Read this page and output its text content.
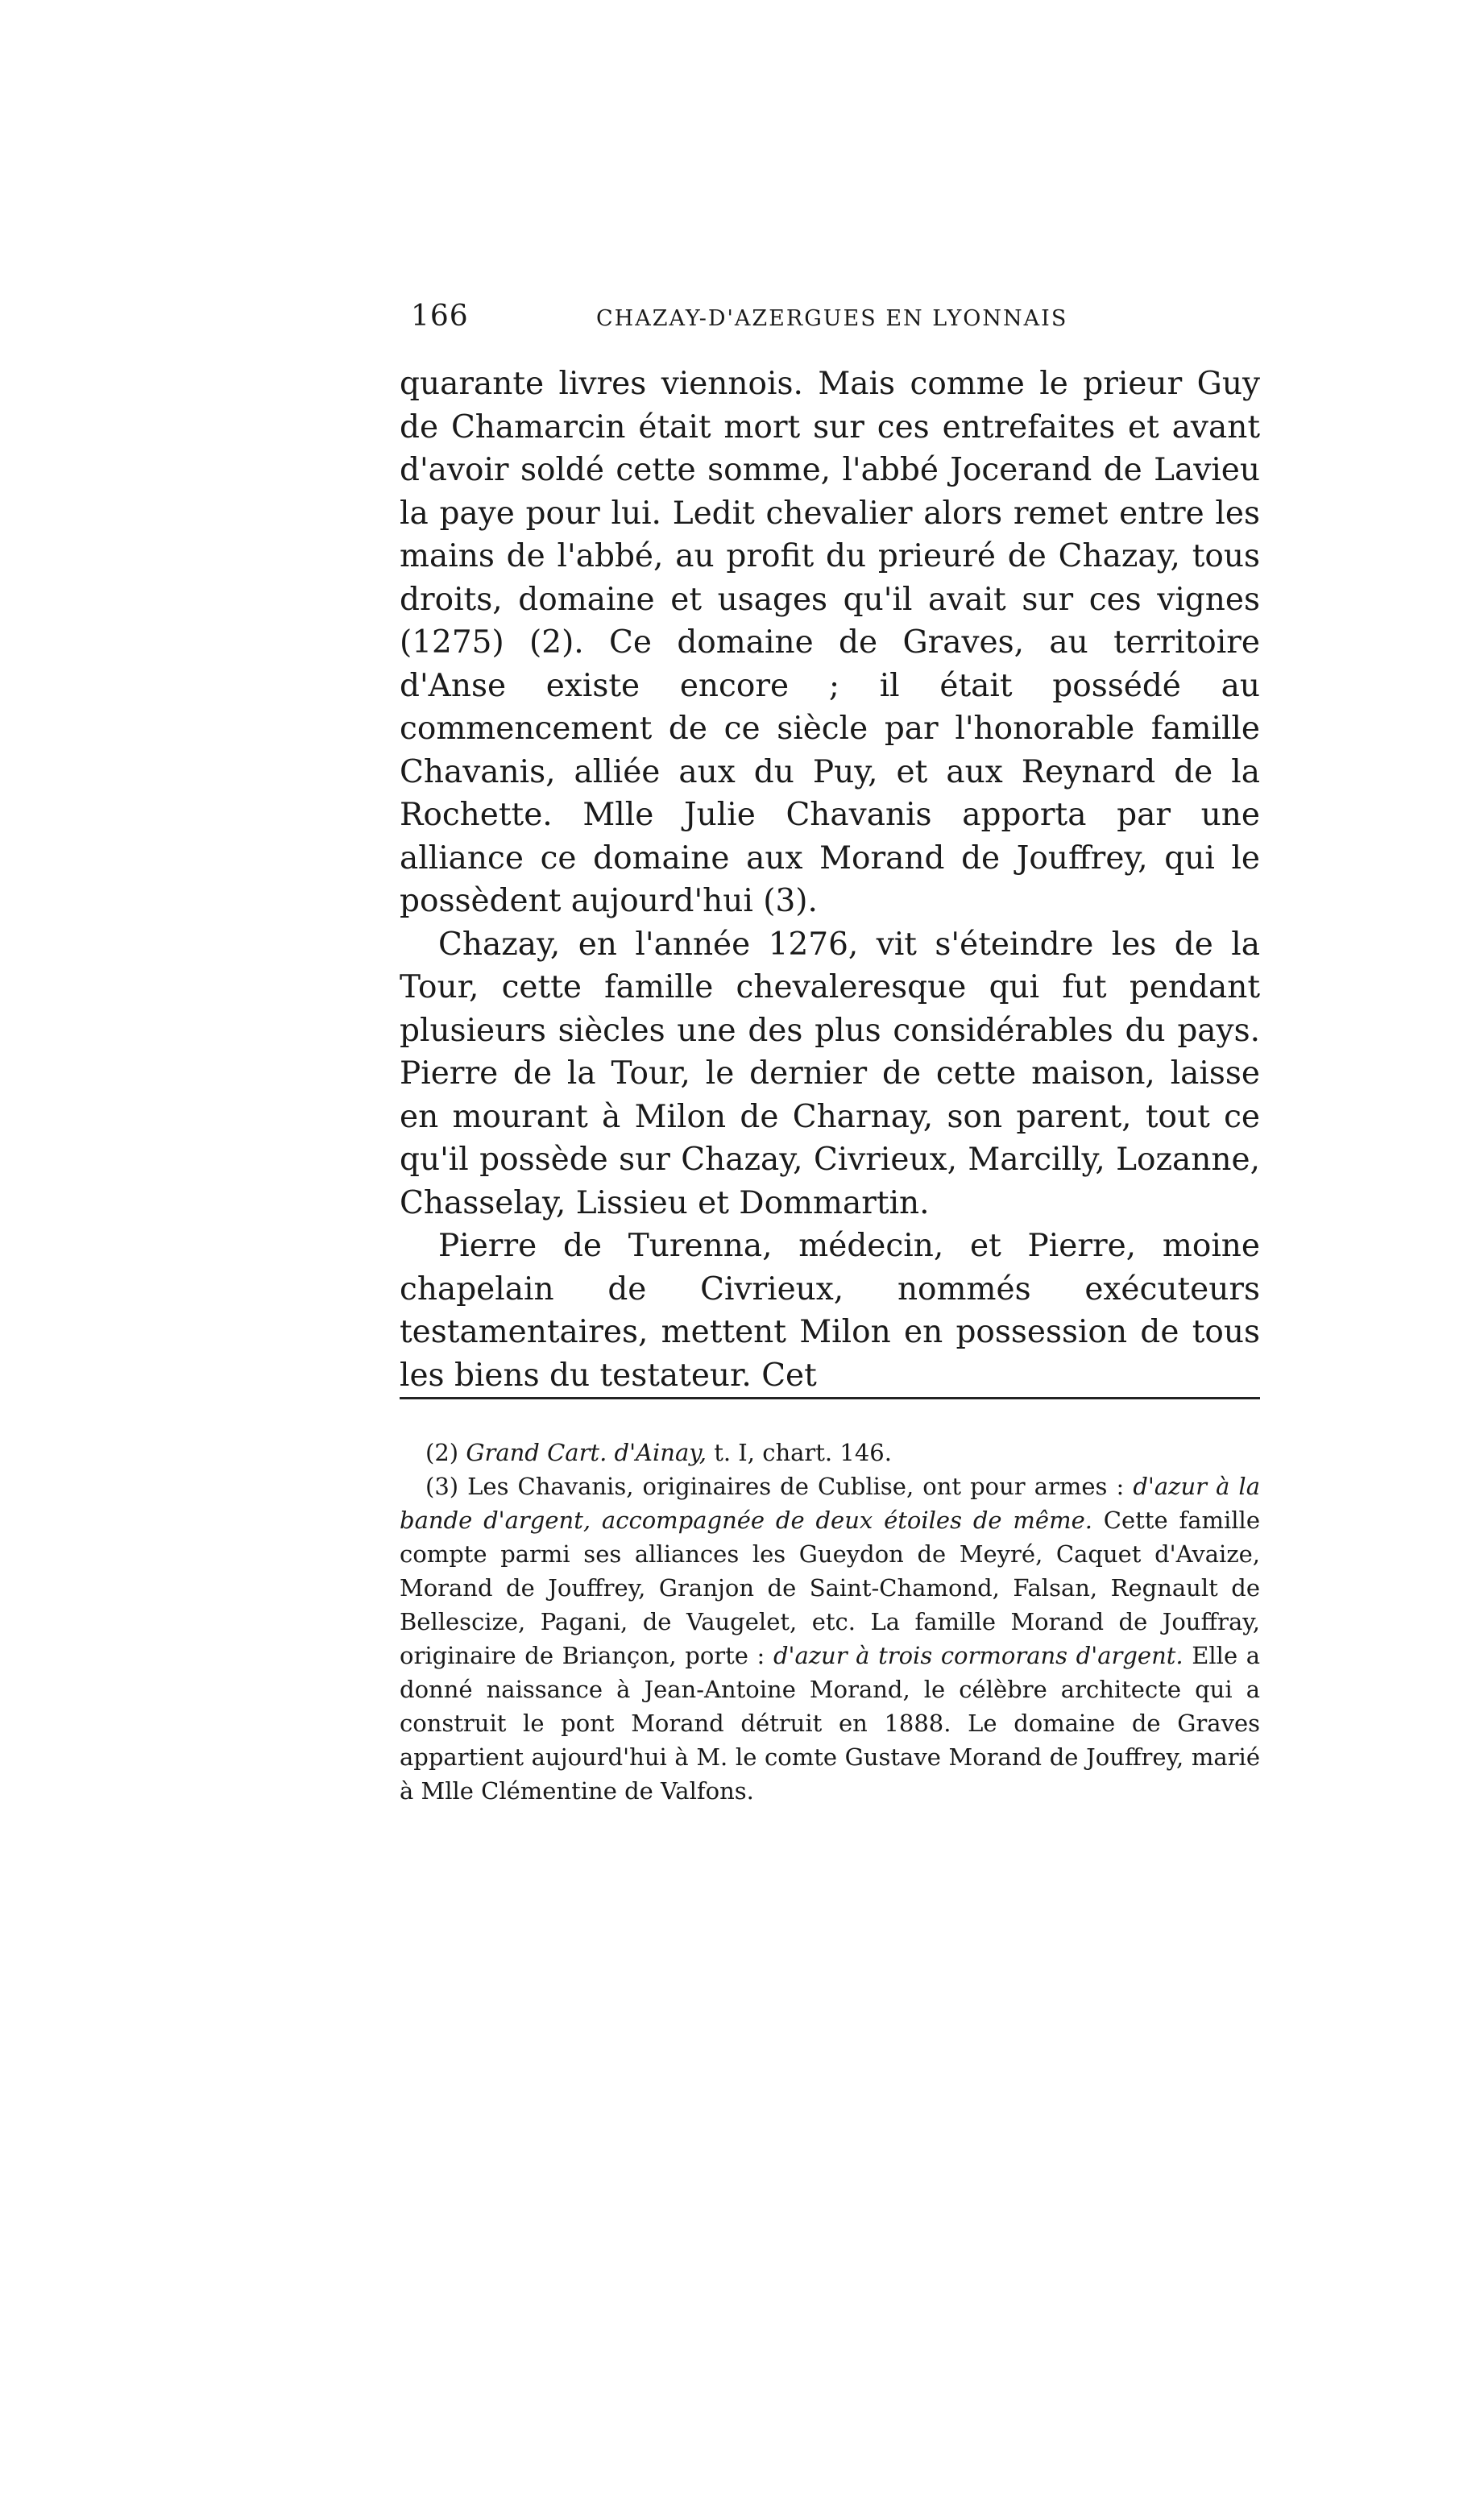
166	CHAZAY-D'AZERGUES EN LYONNAIS

quarante livres viennois. Mais comme le prieur Guy de Chamarcin était mort sur ces entrefaites et avant d'avoir soldé cette somme, l'abbé Jocerand de Lavieu la paye pour lui. Ledit chevalier alors remet entre les mains de l'abbé, au profit du prieuré de Chazay, tous droits, domaine et usages qu'il avait sur ces vignes (1275) (2). Ce domaine de Graves, au territoire d'Anse existe encore ; il était possédé au commencement de ce siècle par l'honorable famille Chavanis, alliée aux du Puy, et aux Reynard de la Rochette. Mlle Julie Chavanis apporta par une alliance ce domaine aux Morand de Jouffrey, qui le possèdent aujourd'hui (3).

Chazay, en l'année 1276, vit s'éteindre les de la Tour, cette famille chevaleresque qui fut pendant plusieurs siècles une des plus considérables du pays. Pierre de la Tour, le dernier de cette maison, laisse en mourant à Milon de Charnay, son parent, tout ce qu'il possède sur Chazay, Civrieux, Marcilly, Lozanne, Chasselay, Lissieu et Dommartin.

Pierre de Turenna, médecin, et Pierre, moine chapelain de Civrieux, nommés exécuteurs testamentaires, mettent Milon en possession de tous les biens du testateur. Cet

(2) Grand Cart. d'Ainay, t. I, chart. 146.

(3) Les Chavanis, originaires de Cublise, ont pour armes : d'azur à la bande d'argent, accompagnée de deux étoiles de même. Cette famille compte parmi ses alliances les Gueydon de Meyré, Caquet d'Avaize, Morand de Jouffrey, Granjon de Saint-Chamond, Falsan, Regnault de Bellescize, Pagani, de Vaugelet, etc. La famille Morand de Jouffray, originaire de Briançon, porte : d'azur à trois cormorans d'argent. Elle a donné naissance à Jean-Antoine Morand, le célèbre architecte qui a construit le pont Morand détruit en 1888. Le domaine de Graves appartient aujourd'hui à M. le comte Gustave Morand de Jouffrey, marié à Mlle Clémentine de Valfons.
